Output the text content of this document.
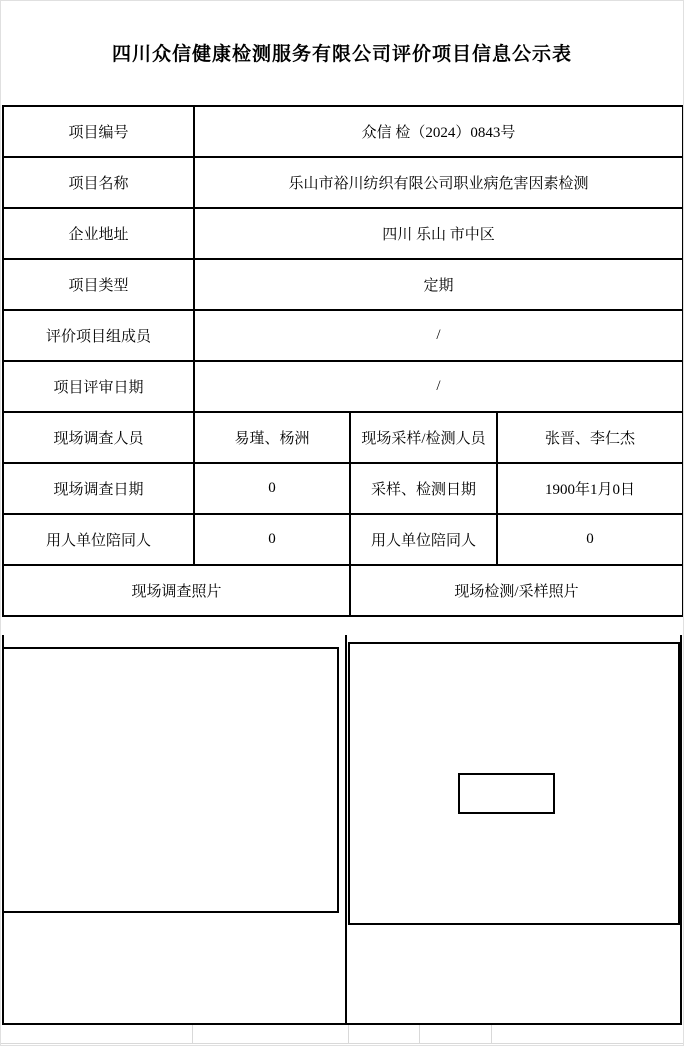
四川众信健康检测服务有限公司评价项目信息公示表
项目编号	众信 检（2024）0843号		
项目名称	乐山市裕川纺织有限公司职业病危害因素检测		
企业地址	四川 乐山 市中区		
项目类型	定期		
评价项目组成员	/		
项目评审日期	/		
现场调查人员	易瑾、杨洲	现场采样/检测人员	张晋、李仁杰
现场调查日期	0	采样、检测日期	1900年1月0日
用人单位陪同人	0	用人单位陪同人	0
现场调查照片		现场检测/采样照片	
